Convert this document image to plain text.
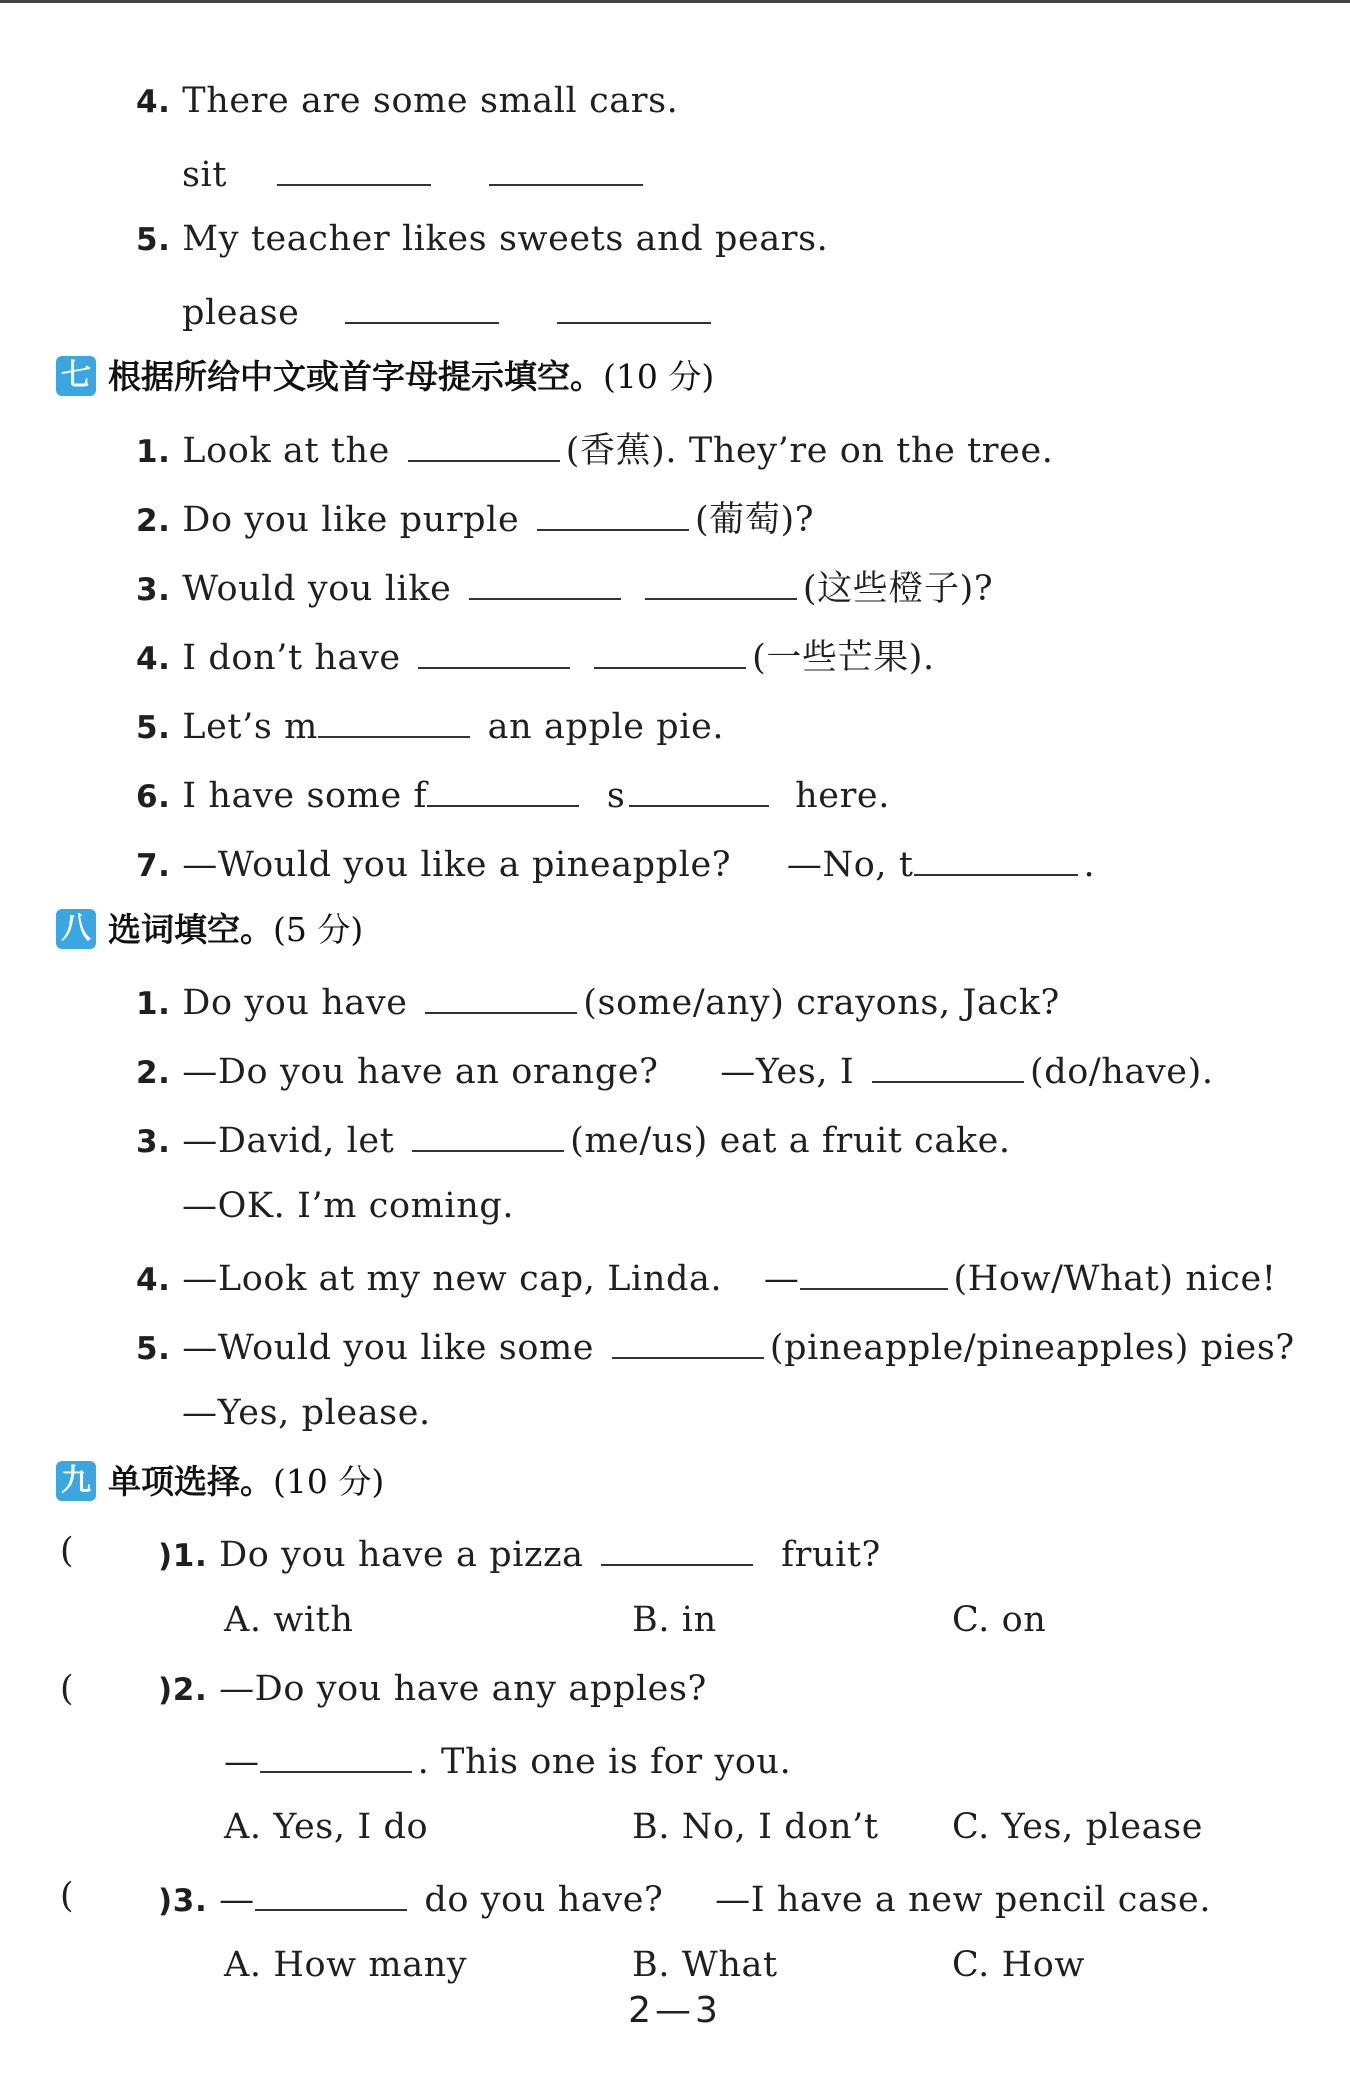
4. There are some small cars.
sit
5. My teacher likes sweets and pears.
please
七 根据所给中文或首字母提示填空。(10 分)
1. Look at the	(香蕉). They’re on the tree.
2. Do you like purple	(葡萄)?
3. Would you like	(这些橙子)?
4. I don’t have	(一些芒果).
5. Let’s m	an apple pie.
6. I have some f	s	here.
7. —Would you like a pineapple? —No, t	.
八 选词填空。(5 分)
1. Do you have	(some/any) crayons, Jack?
2. —Do you have an orange? —Yes, I	(do/have).
3. —David, let	(me/us) eat a fruit cake.
—OK. I’m coming.
4. —Look at my new cap, Linda. —	(How/What) nice!
5. —Would you like some	(pineapple/pineapples) pies?
—Yes, please.
九 单项选择。(10 分)
(	)1. Do you have a pizza	fruit?
A. with	B. in	C. on
(	)2. —Do you have any apples?
—	. This one is for you.
A. Yes, I do	B. No, I don’t C. Yes, please
(	)3. —	do you have? —I have a new pencil case.
A. How many	B. What	C. How
2—3
